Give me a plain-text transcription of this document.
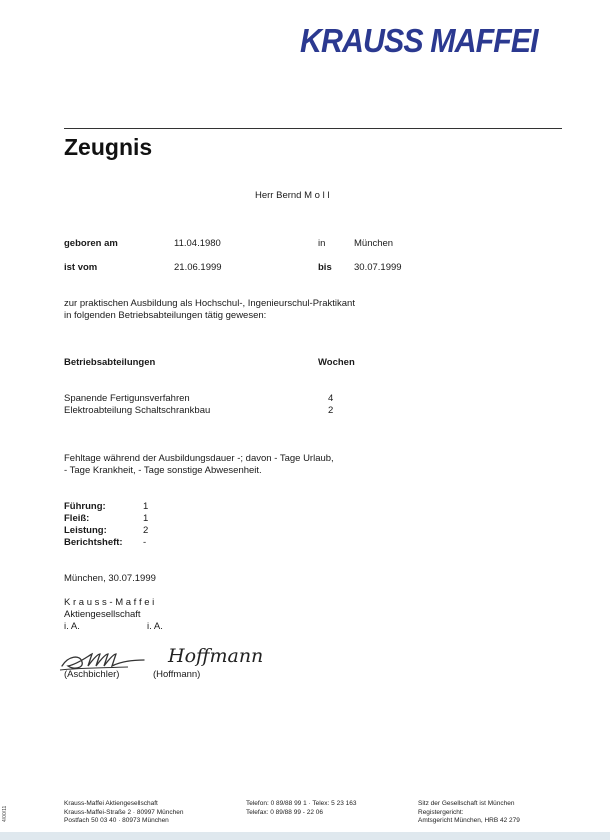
KRAUSS MAFFEI
Zeugnis
Herr Bernd M o l l
geboren am	11.04.1980	in	München
ist vom	21.06.1999	bis 30.07.1999
zur praktischen Ausbildung als Hochschul-, Ingenieurschul-Praktikant
in folgenden Betriebsabteilungen tätig gewesen:
Betriebsabteilungen	Wochen
Spanende Fertigunsverfahren	4
Elektroabteilung Schaltschrankbau	2
Fehltage während der Ausbildungsdauer -; davon - Tage Urlaub,
- Tage Krankheit, - Tage sonstige Abwesenheit.
Führung:	1
Fleiß:	1
Leistung:	2
Berichtsheft: -
München, 30.07.1999
K r a u s s - M a f f e i
Aktiengesellschaft
i. A.	i. A.
Hoffmann
(Aschbichler)	(Hoffmann)
4/00/11
Krauss-Maffei Aktiengesellschaft
Krauss-Maffei-Straße 2 · 80997 München
Postfach 50 03 40 · 80973 München
Telefon: 0 89/88 99 1 · Telex: 5 23 163
Telefax: 0 89/88 99 - 22 06
Sitz der Gesellschaft ist München
Registergericht:
Amtsgericht München, HRB 42 279
